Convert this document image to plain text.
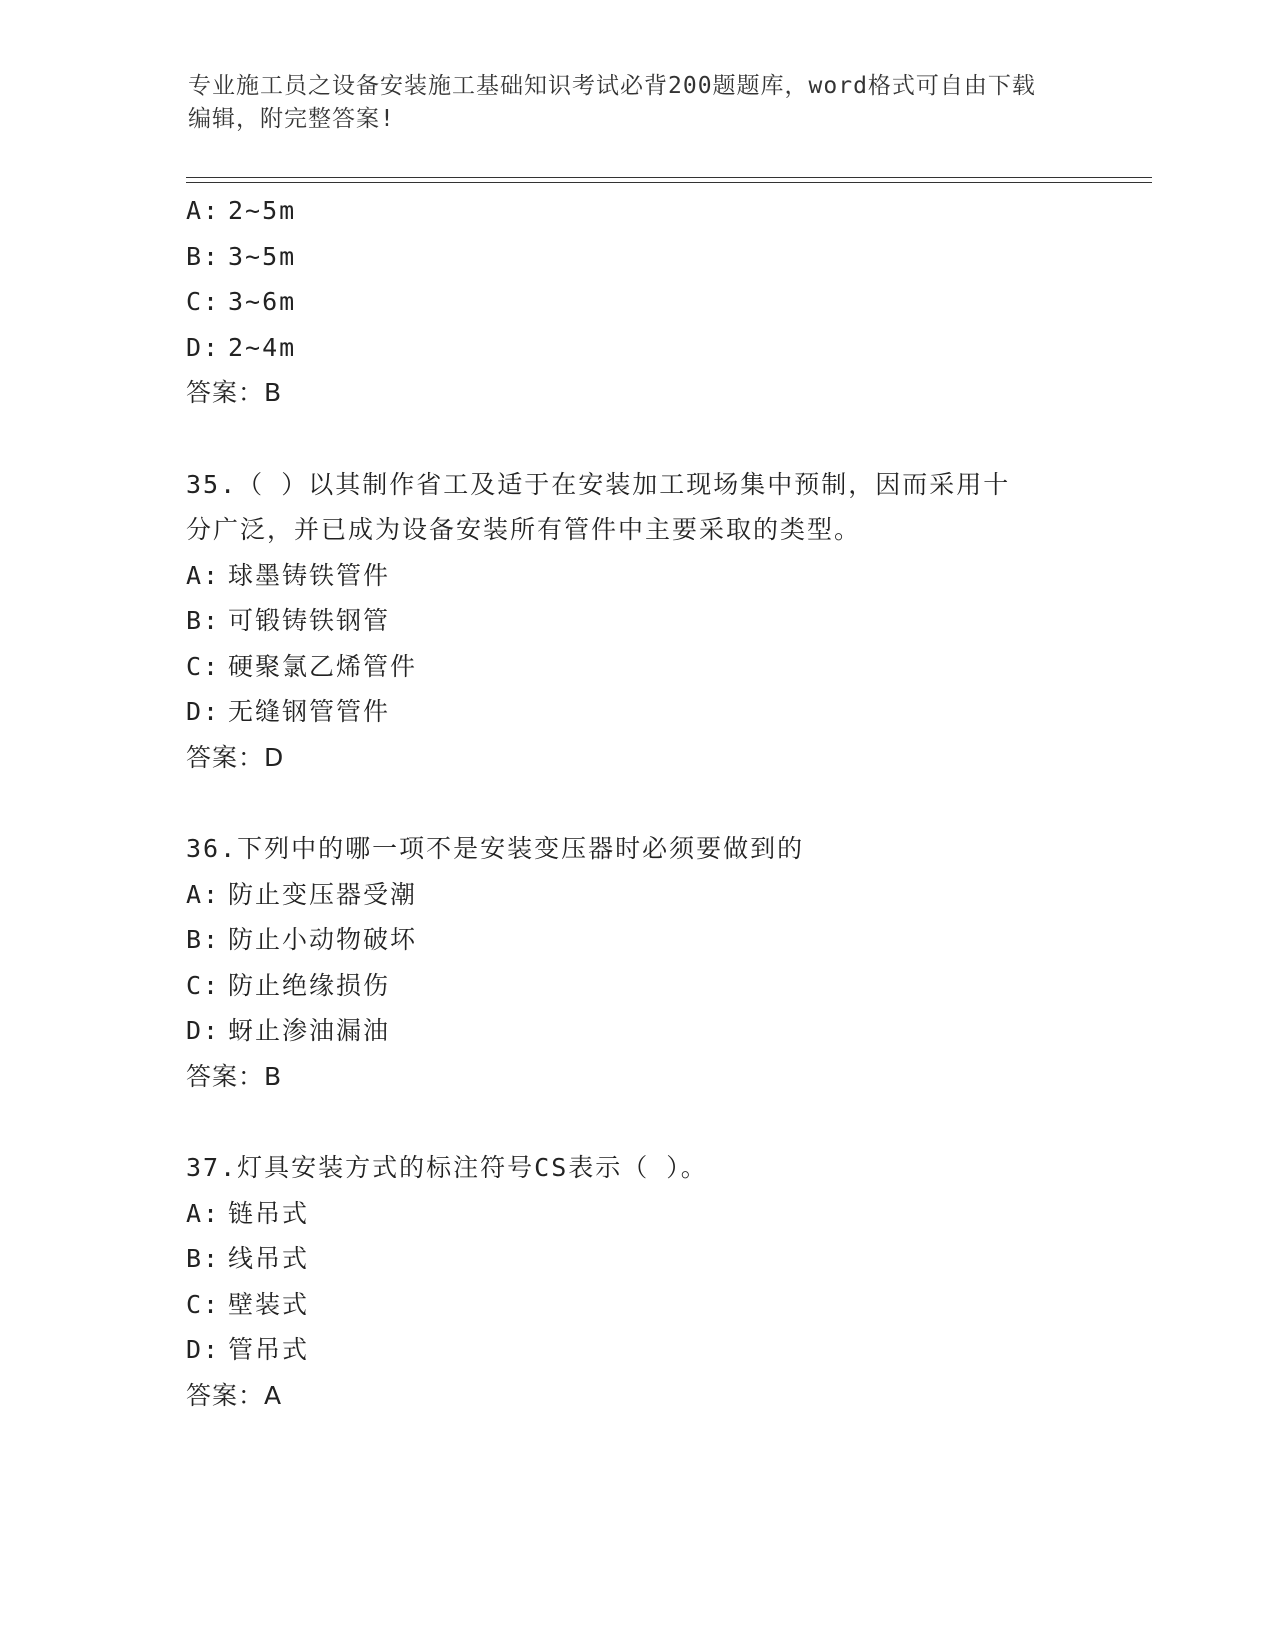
专业施工员之设备安装施工基础知识考试必背200题题库，word格式可自由下载
编辑，附完整答案!
A: 2~5m
B: 3~5m
C: 3~6m
D: 2~4m
答案：B
35.（ ）以其制作省工及适于在安装加工现场集中预制，因而采用十
分广泛，并已成为设备安装所有管件中主要采取的类型。
A: 球墨铸铁管件
B: 可锻铸铁钢管
C: 硬聚氯乙烯管件
D: 无缝钢管管件
答案：D
36.下列中的哪一项不是安装变压器时必须要做到的
A: 防止变压器受潮
B: 防止小动物破坏
C: 防止绝缘损伤
D: 蚜止渗油漏油
答案：B
37.灯具安装方式的标注符号CS表示（ ）。
A: 链吊式
B: 线吊式
C: 壁装式
D: 管吊式
答案：A
